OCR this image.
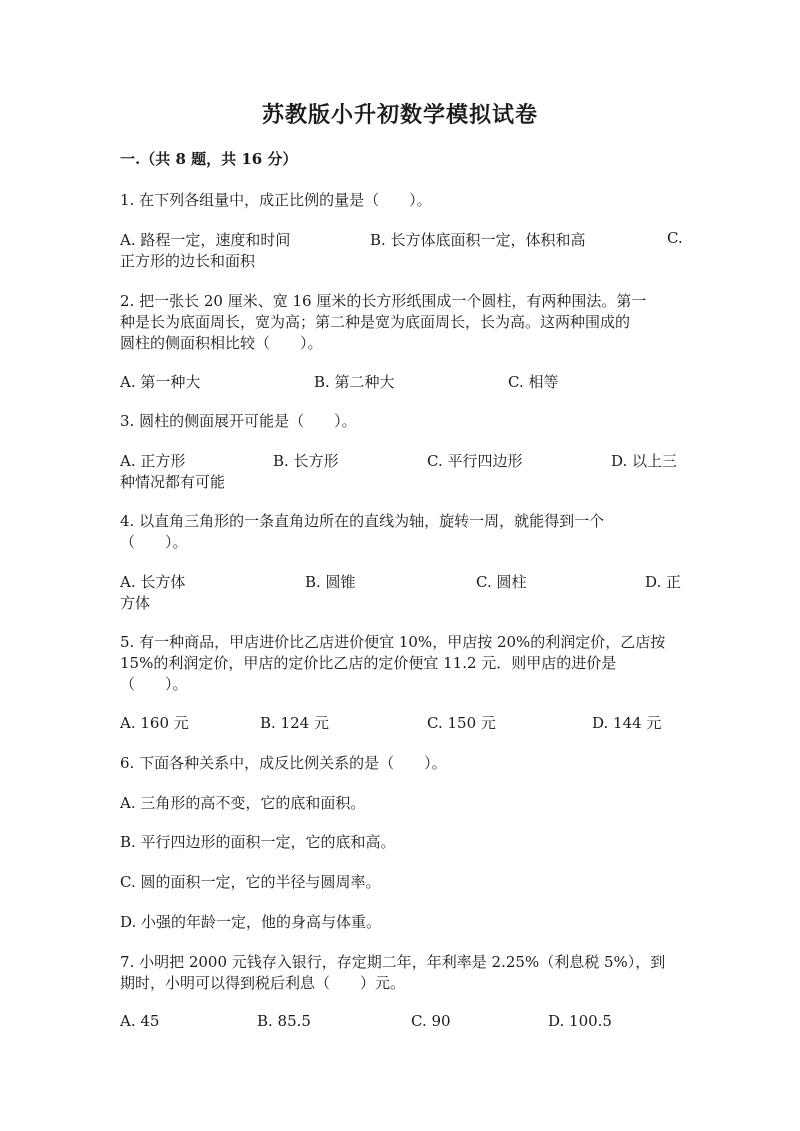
苏教版小升初数学模拟试卷
一.（共 8 题，共 16 分）
1. 在下列各组量中，成正比例的量是（　　）。
A. 路程一定，速度和时间	B. 长方体底面积一定，体积和高	C.
正方形的边长和面积
2. 把一张长 20 厘米、宽 16 厘米的长方形纸围成一个圆柱，有两种围法。第一
种是长为底面周长，宽为高；第二种是宽为底面周长，长为高。这两种围成的
圆柱的侧面积相比较（　　）。
A. 第一种大	B. 第二种大	C. 相等
3. 圆柱的侧面展开可能是（　　）。
A. 正方形	B. 长方形	C. 平行四边形	D. 以上三
种情况都有可能
4. 以直角三角形的一条直角边所在的直线为轴，旋转一周，就能得到一个
（　　）。
A. 长方体	B. 圆锥	C. 圆柱	D. 正
方体
5. 有一种商品，甲店进价比乙店进价便宜 10%，甲店按 20%的利润定价，乙店按
15%的利润定价，甲店的定价比乙店的定价便宜 11.2 元．则甲店的进价是
（　　）。
A. 160 元	B. 124 元	C. 150 元	D. 144 元
6. 下面各种关系中，成反比例关系的是（　　）。
A. 三角形的高不变，它的底和面积。
B. 平行四边形的面积一定，它的底和高。
C. 圆的面积一定，它的半径与圆周率。
D. 小强的年龄一定，他的身高与体重。
7. 小明把 2000 元钱存入银行，存定期二年，年利率是 2.25%（利息税 5%），到
期时，小明可以得到税后利息（　　）元。
A. 45	B. 85.5	C. 90	D. 100.5
